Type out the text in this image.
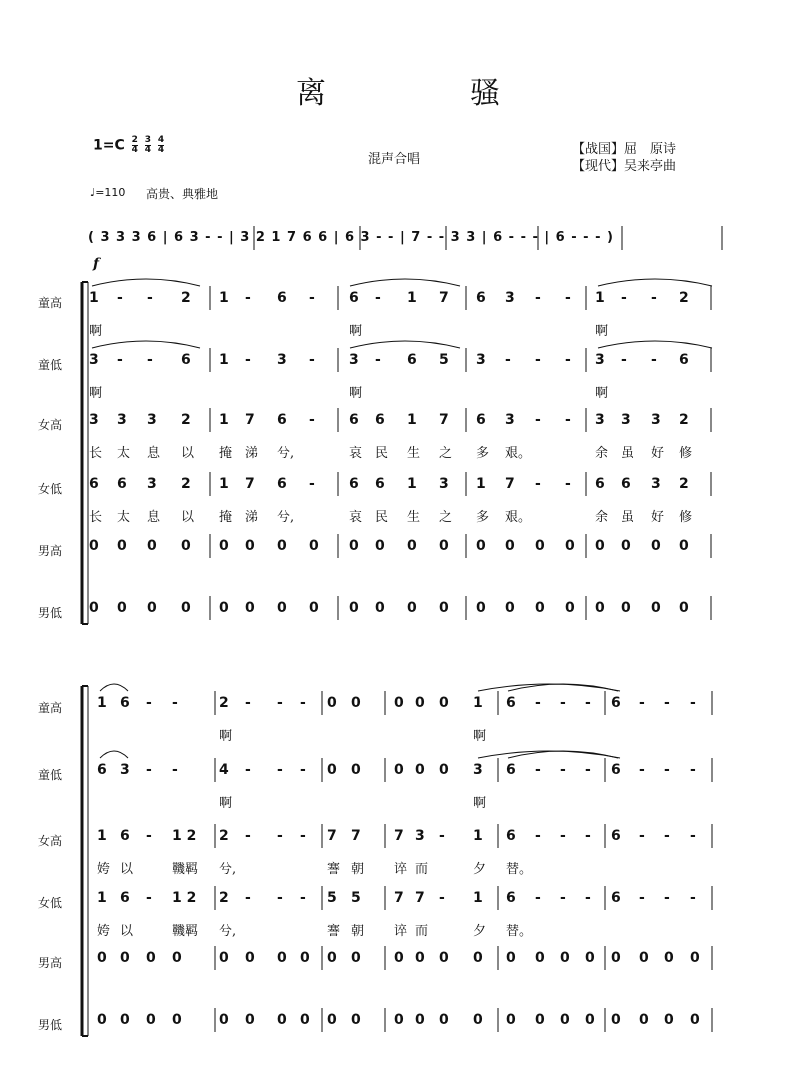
离	骚
$1=C \frac{2}{4}$
$\frac{3}{4}$
$\frac{4}{4}$
混声合唱
【战国】屈　原诗
【现代】吴来亭曲
♩=110 高贵、典雅地
( 3 3 3 6 | 6 3 - - | 3 2 1 7 6 6 | 6 3 - - | 7 - - 3 3 | 6 - - - | 6 - - - )
f
童高 1 - - 2 1 - 6 - 6 - 1 7 6 3 - - 1 - - 2
啊	啊	啊
童低 3 - - 6 1 - 3 - 3 - 6 5 3 - - - 3 - - 6
啊	啊	啊
女高 3 3 3 2 1 7 6 - 6 6 1 7 6 3 - - 3 3 3 2
长 太 息 以 掩 涕 兮,	哀 民 生 之 多 艰。	余 虽 好 修
女低 6 6 3 2 1 7 6 - 6 6 1 3 1 7 - - 6 6 3 2
长 太 息 以 掩 涕 兮,	哀 民 生 之 多 艰。	余 虽 好 修
男高 0 0 0 0 0 0 0 0 0 0 0 0 0 0 0 0 0 0 0 0
男低 0 0 0 0 0 0 0 0 0 0 0 0 0 0 0 0 0 0 0 0
童高 1 6 - -	2 - - - 0 0 0 0 0 1 6 - - - 6 - - -
啊	啊
童低 6 3 - -	4 - - - 0 0 0 0 0 3 6 - - - 6 - - -
啊	啊
女高 1 6 - 1 2 2 - - - 7 7 7 3 - 1 6 - - - 6 - - -
姱 以	鞿羁 兮,	謇 朝 谇 而	夕 替。
女低 1 6 - 1 2 2 - - - 5 5 7 7 - 1 6 - - - 6 - - -
姱 以	鞿羁 兮,	謇 朝 谇 而	夕 替。
男高 0 0 0 0	0 0 0 0 0 0 0 0 0 0 0 0 0 0 0 0 0 0
男低 0 0 0 0	0 0 0 0 0 0 0 0 0 0 0 0 0 0 0 0 0 0
